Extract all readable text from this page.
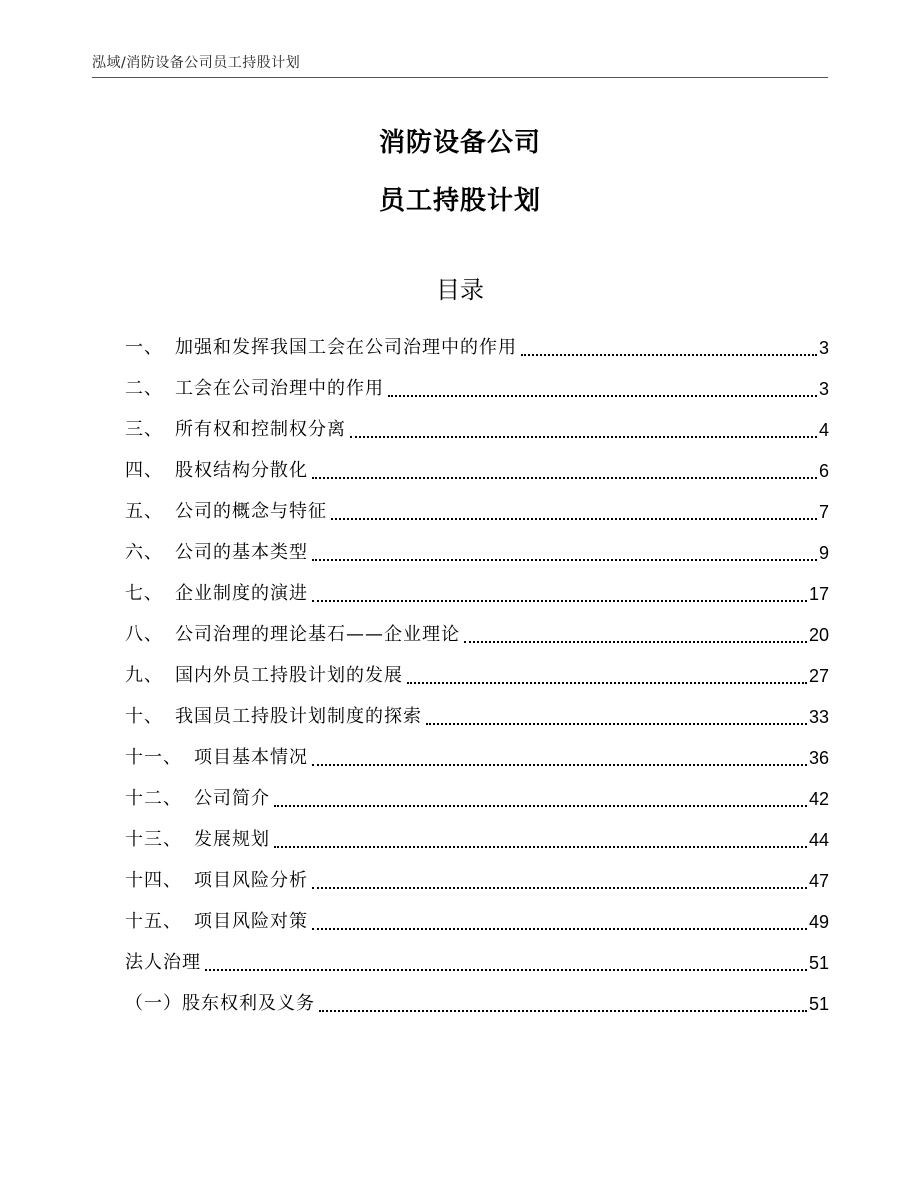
泓域/消防设备公司员工持股计划
消防设备公司
员工持股计划
目录
一、 加强和发挥我国工会在公司治理中的作用	3
二、 工会在公司治理中的作用	3
三、 所有权和控制权分离	4
四、 股权结构分散化	6
五、 公司的概念与特征	7
六、 公司的基本类型	9
七、 企业制度的演进	17
八、 公司治理的理论基石——企业理论	20
九、 国内外员工持股计划的发展	27
十、 我国员工持股计划制度的探索	33
十一、 项目基本情况	36
十二、 公司简介	42
十三、 发展规划	44
十四、 项目风险分析	47
十五、 项目风险对策	49
法人治理	51
（一）股东权利及义务	51
